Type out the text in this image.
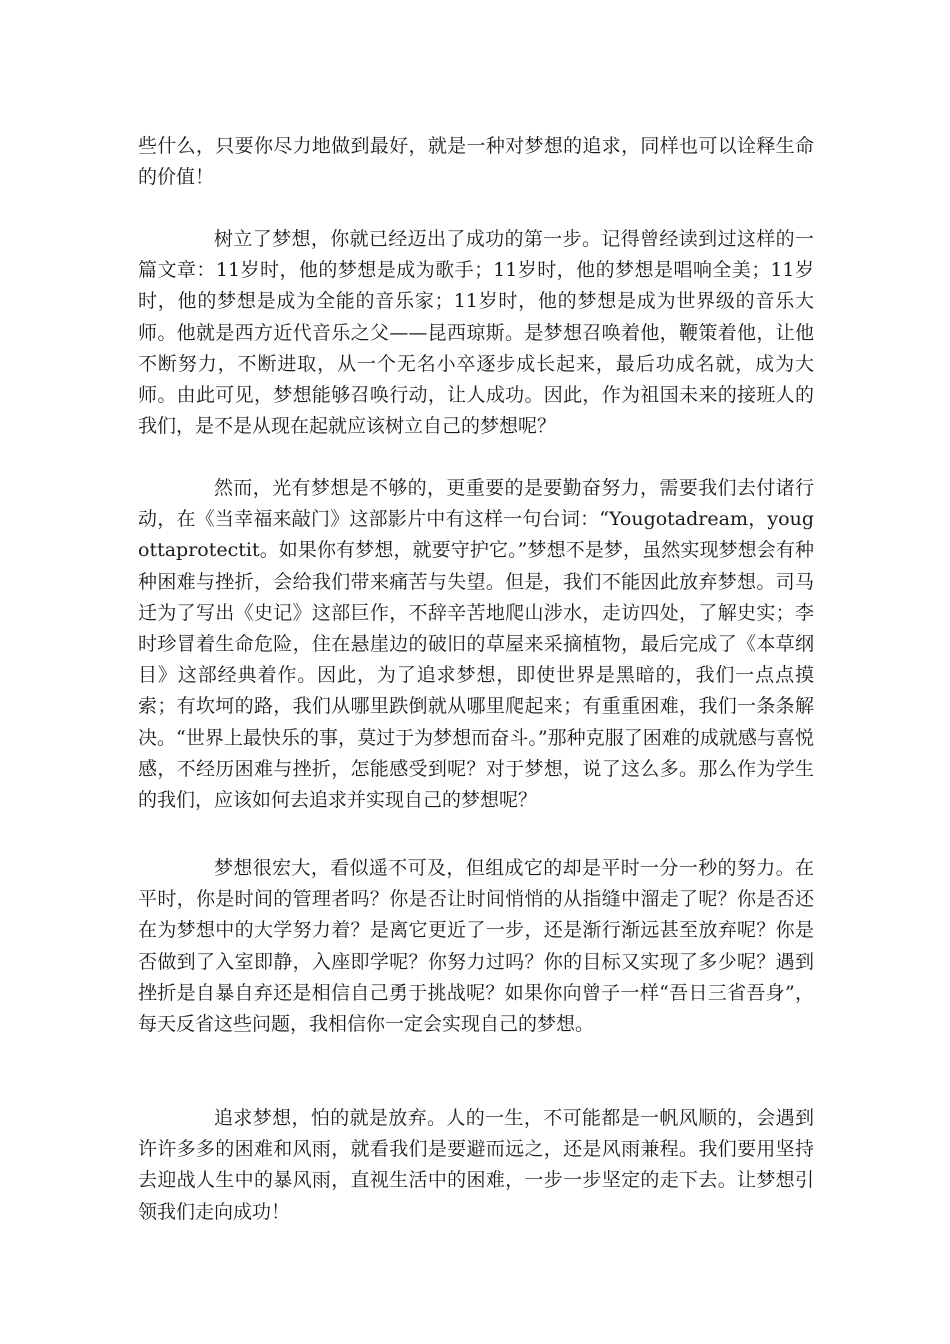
些什么，只要你尽力地做到最好，就是一种对梦想的追求，同样也可以诠释生命的价值！

树立了梦想，你就已经迈出了成功的第一步。记得曾经读到过这样的一篇文章：11岁时，他的梦想是成为歌手；11岁时，他的梦想是唱响全美；11岁时，他的梦想是成为全能的音乐家；11岁时，他的梦想是成为世界级的音乐大师。他就是西方近代音乐之父——昆西琼斯。是梦想召唤着他，鞭策着他，让他不断努力，不断进取，从一个无名小卒逐步成长起来，最后功成名就，成为大师。由此可见，梦想能够召唤行动，让人成功。因此，作为祖国未来的接班人的我们，是不是从现在起就应该树立自己的梦想呢？

然而，光有梦想是不够的，更重要的是要勤奋努力，需要我们去付诸行动，在《当幸福来敲门》这部影片中有这样一句台词：“Yougotadream，yougottaprotectit。如果你有梦想，就要守护它。”梦想不是梦，虽然实现梦想会有种种困难与挫折，会给我们带来痛苦与失望。但是，我们不能因此放弃梦想。司马迁为了写出《史记》这部巨作，不辞辛苦地爬山涉水，走访四处，了解史实；李时珍冒着生命危险，住在悬崖边的破旧的草屋来采摘植物，最后完成了《本草纲目》这部经典着作。因此，为了追求梦想，即使世界是黑暗的，我们一点点摸索；有坎坷的路，我们从哪里跌倒就从哪里爬起来；有重重困难，我们一条条解决。“世界上最快乐的事，莫过于为梦想而奋斗。”那种克服了困难的成就感与喜悦感，不经历困难与挫折，怎能感受到呢？对于梦想，说了这么多。那么作为学生的我们，应该如何去追求并实现自己的梦想呢？

梦想很宏大，看似遥不可及，但组成它的却是平时一分一秒的努力。在平时，你是时间的管理者吗？你是否让时间悄悄的从指缝中溜走了呢？你是否还在为梦想中的大学努力着？是离它更近了一步，还是渐行渐远甚至放弃呢？你是否做到了入室即静，入座即学呢？你努力过吗？你的目标又实现了多少呢？遇到挫折是自暴自弃还是相信自己勇于挑战呢？如果你向曾子一样“吾日三省吾身”，每天反省这些问题，我相信你一定会实现自己的梦想。

追求梦想，怕的就是放弃。人的一生，不可能都是一帆风顺的，会遇到许许多多的困难和风雨，就看我们是要避而远之，还是风雨兼程。我们要用坚持去迎战人生中的暴风雨，直视生活中的困难，一步一步坚定的走下去。让梦想引领我们走向成功！
